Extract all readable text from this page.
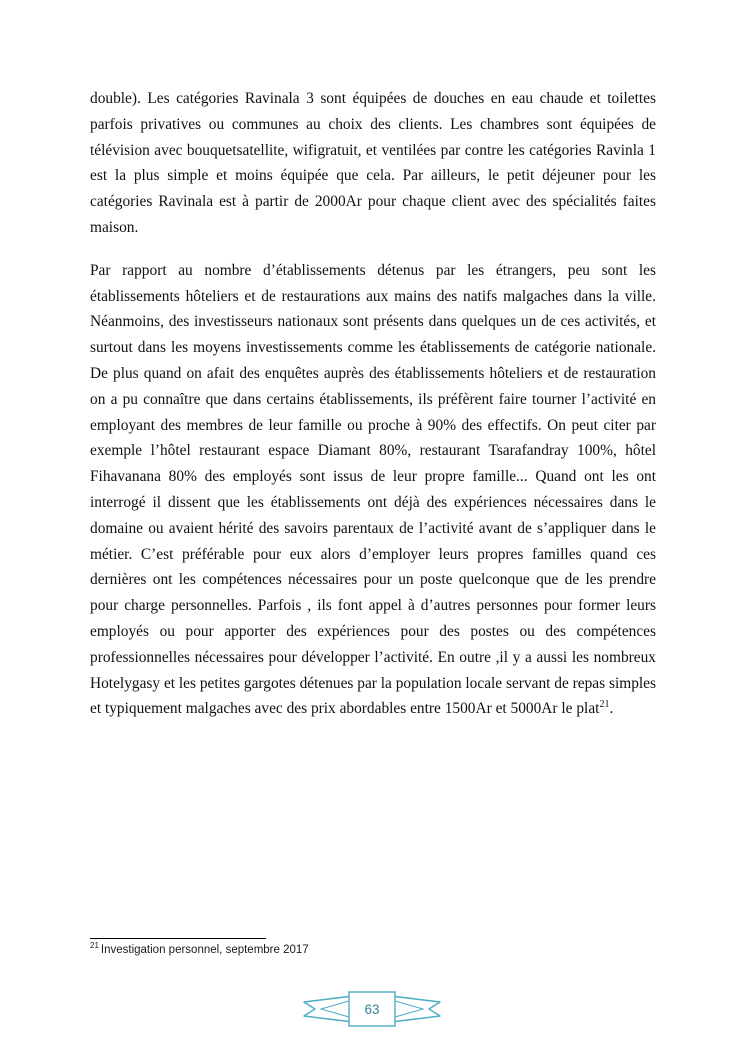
double). Les catégories Ravinala 3 sont équipées de douches en eau chaude et toilettes parfois privatives ou communes au choix des clients. Les chambres sont équipées de télévision avec bouquetsatellite, wifigratuit, et ventilées par contre les catégories Ravinla 1 est la plus simple et moins équipée que cela. Par ailleurs, le petit déjeuner pour les catégories Ravinala est à partir de 2000Ar pour chaque client avec des spécialités faites maison.

Par rapport au nombre d’établissements détenus par les étrangers, peu sont les établissements hôteliers et de restaurations aux mains des natifs malgaches dans la ville. Néanmoins, des investisseurs nationaux sont présents dans quelques un de ces activités, et surtout dans les moyens investissements comme les établissements de catégorie nationale. De plus quand on afait des enquêtes auprès des établissements hôteliers et de restauration on a pu connaître que dans certains établissements, ils préfèrent faire tourner l’activité en employant des membres de leur famille ou proche à 90% des effectifs. On peut citer par exemple l’hôtel restaurant espace Diamant 80%, restaurant Tsarafandray 100%, hôtel Fihavanana 80% des employés sont issus de leur propre famille... Quand ont les ont interrogé il dissent que les établissements ont déjà des expériences nécessaires dans le domaine ou avaient hérité des savoirs parentaux de l’activité avant de s’appliquer dans le métier. C’est préférable pour eux alors d’employer leurs propres familles quand ces dernières ont les compétences nécessaires pour un poste quelconque que de les prendre pour charge personnelles. Parfois , ils font appel à d’autres personnes pour former leurs employés ou pour apporter des expériences pour des postes ou des compétences professionnelles nécessaires pour développer l’activité. En outre ,il y a aussi les nombreux Hotelygasy et les petites gargotes détenues par la population locale servant de repas simples et typiquement malgaches avec des prix abordables entre 1500Ar et 5000Ar le plat$^{21}$.

$^{21}$ Investigation personnel, septembre 2017
63
